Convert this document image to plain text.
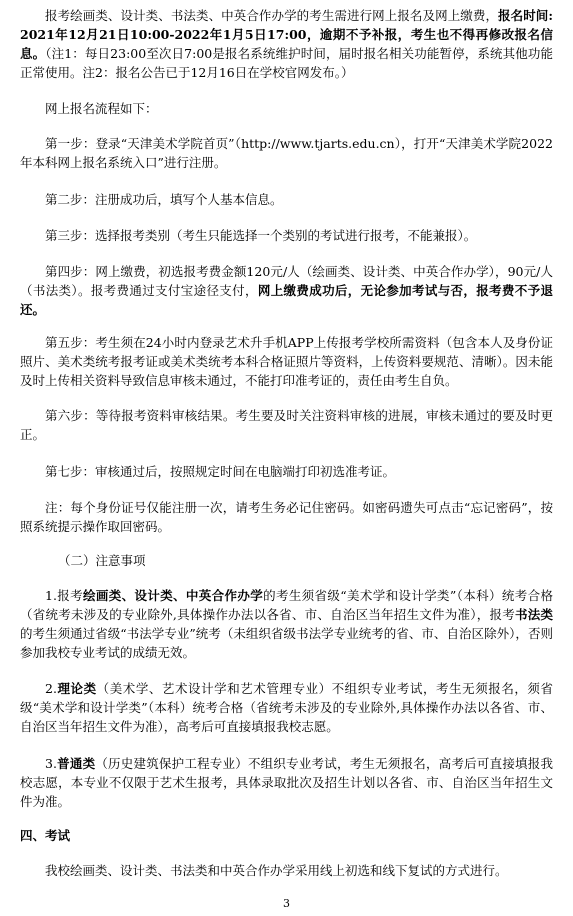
报考绘画类、设计类、书法类、中英合作办学的考生需进行网上报名及网上缴费，报名时间:2021年12月21日10:00-2022年1月5日17:00，逾期不予补报，考生也不得再修改报名信息。（注1：每日23:00至次日7:00是报名系统维护时间，届时报名相关功能暂停，系统其他功能正常使用。注2：报名公告已于12月16日在学校官网发布。）

网上报名流程如下：

第一步：登录“天津美术学院首页”（http://www.tjarts.edu.cn），打开“天津美术学院2022年本科网上报名系统入口”进行注册。

第二步：注册成功后，填写个人基本信息。

第三步：选择报考类别（考生只能选择一个类别的考试进行报考，不能兼报）。

第四步：网上缴费，初选报考费金额120元/人（绘画类、设计类、中英合作办学），90元/人（书法类）。报考费通过支付宝途径支付，网上缴费成功后，无论参加考试与否，报考费不予退还。

第五步：考生须在24小时内登录艺术升手机APP上传报考学校所需资料（包含本人及身份证照片、美术类统考报考证或美术类统考本科合格证照片等资料，上传资料要规范、清晰）。因未能及时上传相关资料导致信息审核未通过，不能打印准考证的，责任由考生自负。

第六步：等待报考资料审核结果。考生要及时关注资料审核的进展，审核未通过的要及时更正。

第七步：审核通过后，按照规定时间在电脑端打印初选准考证。

注：每个身份证号仅能注册一次，请考生务必记住密码。如密码遗失可点击“忘记密码”，按照系统提示操作取回密码。

（二）注意事项

1.报考绘画类、设计类、中英合作办学的考生须省级“美术学和设计学类”（本科）统考合格（省统考未涉及的专业除外,具体操作办法以各省、市、自治区当年招生文件为准），报考书法类的考生须通过省级“书法学专业”统考（未组织省级书法学专业统考的省、市、自治区除外），否则参加我校专业考试的成绩无效。

2.理论类（美术学、艺术设计学和艺术管理专业）不组织专业考试，考生无须报名，须省级“美术学和设计学类”（本科）统考合格（省统考未涉及的专业除外,具体操作办法以各省、市、自治区当年招生文件为准），高考后可直接填报我校志愿。

3.普通类（历史建筑保护工程专业）不组织专业考试，考生无须报名，高考后可直接填报我校志愿，本专业不仅限于艺术生报考，具体录取批次及招生计划以各省、市、自治区当年招生文件为准。

四、考试

我校绘画类、设计类、书法类和中英合作办学采用线上初选和线下复试的方式进行。

3
